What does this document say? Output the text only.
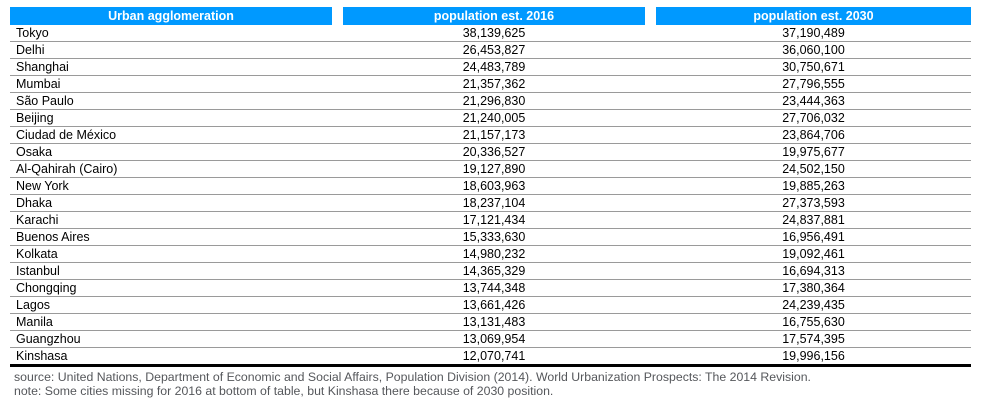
Urban agglomeration	population est. 2016	population est. 2030
Tokyo	38,139,625	37,190,489
Delhi	26,453,827	36,060,100
Shanghai	24,483,789	30,750,671
Mumbai	21,357,362	27,796,555
São Paulo	21,296,830	23,444,363
Beijing	21,240,005	27,706,032
Ciudad de México	21,157,173	23,864,706
Osaka	20,336,527	19,975,677
Al-Qahirah (Cairo)	19,127,890	24,502,150
New York	18,603,963	19,885,263
Dhaka	18,237,104	27,373,593
Karachi	17,121,434	24,837,881
Buenos Aires	15,333,630	16,956,491
Kolkata	14,980,232	19,092,461
Istanbul	14,365,329	16,694,313
Chongqing	13,744,348	17,380,364
Lagos	13,661,426	24,239,435
Manila	13,131,483	16,755,630
Guangzhou	13,069,954	17,574,395
Kinshasa	12,070,741	19,996,156
source: United Nations, Department of Economic and Social Affairs, Population Division (2014). World Urbanization Prospects: The 2014 Revision.
note: Some cities missing for 2016 at bottom of table, but Kinshasa there because of 2030 position.
